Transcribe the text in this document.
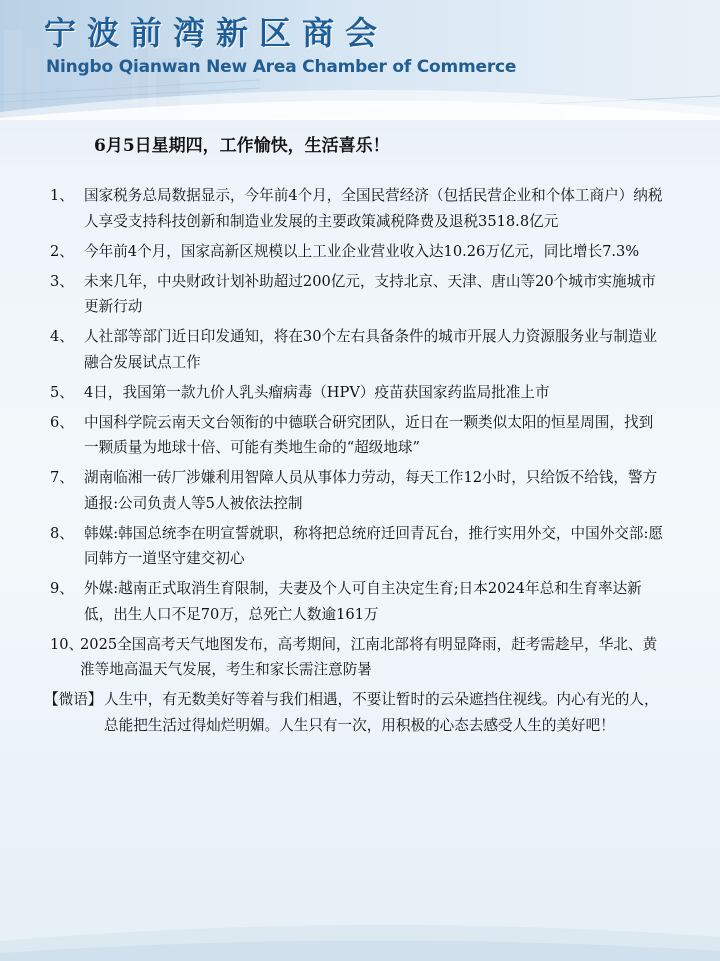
宁波前湾新区商会
Ningbo Qianwan New Area Chamber of Commerce
6月5日星期四，工作愉快，生活喜乐！
1、 国家税务总局数据显示，今年前4个月，全国民营经济（包括民营企业和个体工商户）纳税人享受支持科技创新和制造业发展的主要政策减税降费及退税3518.8亿元
2、 今年前4个月，国家高新区规模以上工业企业营业收入达10.26万亿元，同比增长7.3%
3、 未来几年，中央财政计划补助超过200亿元，支持北京、天津、唐山等20个城市实施城市更新行动
4、 人社部等部门近日印发通知，将在30个左右具备条件的城市开展人力资源服务业与制造业融合发展试点工作
5、 4日，我国第一款九价人乳头瘤病毒（HPV）疫苗获国家药监局批准上市
6、 中国科学院云南天文台领衔的中德联合研究团队，近日在一颗类似太阳的恒星周围，找到一颗质量为地球十倍、可能有类地生命的“超级地球”
7、 湖南临湘一砖厂涉嫌利用智障人员从事体力劳动，每天工作12小时，只给饭不给钱，警方通报:公司负责人等5人被依法控制
8、 韩媒:韩国总统李在明宣誓就职，称将把总统府迁回青瓦台，推行实用外交，中国外交部:愿同韩方一道坚守建交初心
9、 外媒:越南正式取消生育限制，夫妻及个人可自主决定生育;日本2024年总和生育率达新低，出生人口不足70万，总死亡人数逾161万
10、
2025全国高考天气地图发布，高考期间，江南北部将有明显降雨，赶考需趁早，华北、黄淮等地高温天气发展，考生和家长需注意防暑
【微语】 人生中，有无数美好等着与我们相遇，不要让暂时的云朵遮挡住视线。内心有光的人，总能把生活过得灿烂明媚。人生只有一次，用积极的心态去感受人生的美好吧！
